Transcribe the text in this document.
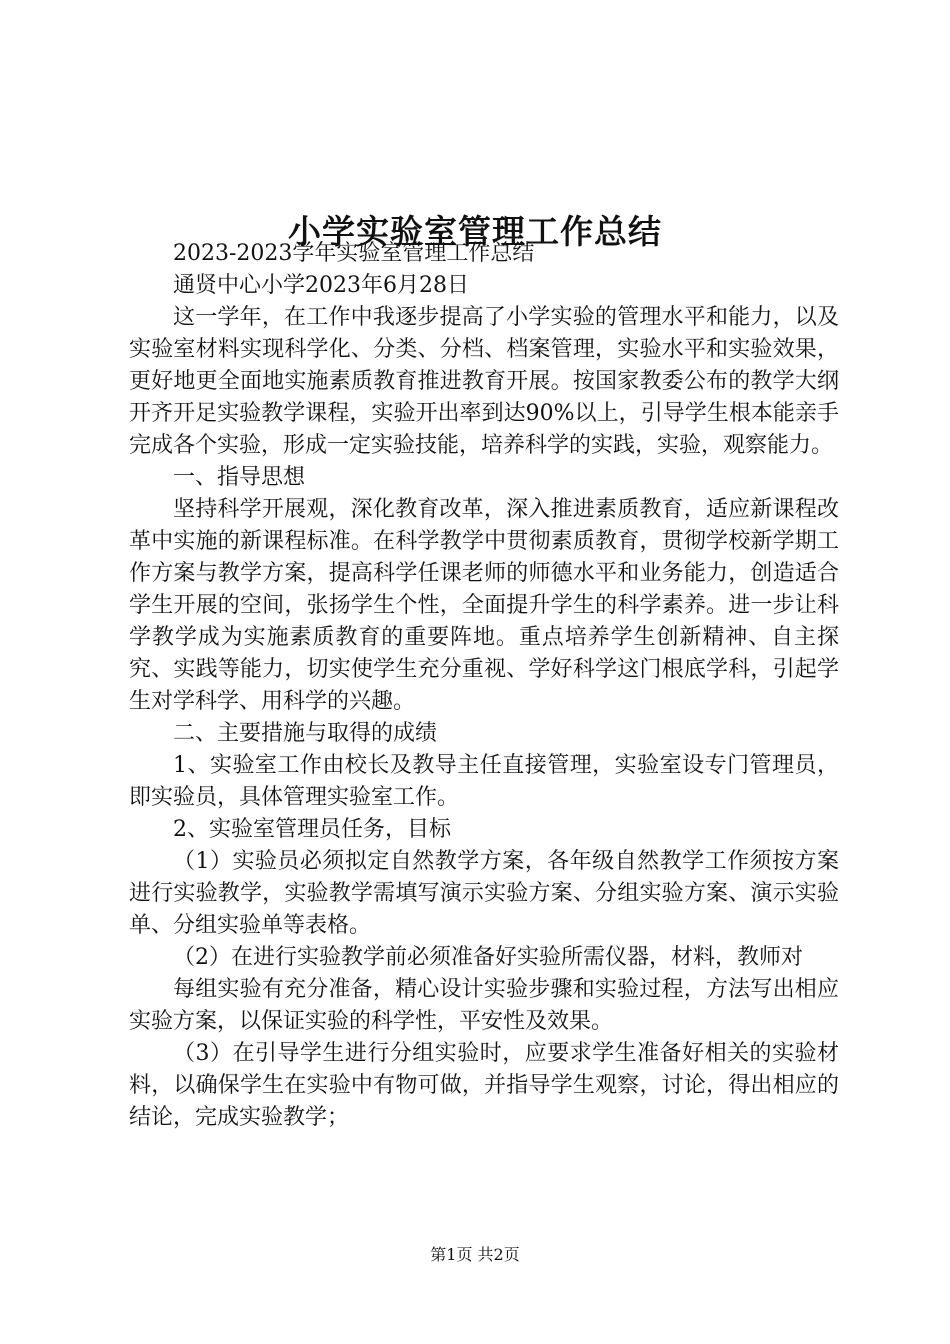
小学实验室管理工作总结

2023-2023学年实验室管理工作总结

通贤中心小学2023年6月28日

这一学年，在工作中我逐步提高了小学实验的管理水平和能力，以及实验室材料实现科学化、分类、分档、档案管理，实验水平和实验效果，更好地更全面地实施素质教育推进教育开展。按国家教委公布的教学大纲开齐开足实验教学课程，实验开出率到达90%以上，引导学生根本能亲手完成各个实验，形成一定实验技能，培养科学的实践，实验，观察能力。

一、指导思想

坚持科学开展观，深化教育改革，深入推进素质教育，适应新课程改革中实施的新课程标准。在科学教学中贯彻素质教育，贯彻学校新学期工作方案与教学方案，提高科学任课老师的师德水平和业务能力，创造适合学生开展的空间，张扬学生个性，全面提升学生的科学素养。进一步让科学教学成为实施素质教育的重要阵地。重点培养学生创新精神、自主探究、实践等能力，切实使学生充分重视、学好科学这门根底学科，引起学生对学科学、用科学的兴趣。

二、主要措施与取得的成绩

1、实验室工作由校长及教导主任直接管理，实验室设专门管理员，即实验员，具体管理实验室工作。

2、实验室管理员任务，目标

（1）实验员必须拟定自然教学方案，各年级自然教学工作须按方案进行实验教学，实验教学需填写演示实验方案、分组实验方案、演示实验单、分组实验单等表格。

（2）在进行实验教学前必须准备好实验所需仪器，材料，教师对

每组实验有充分准备，精心设计实验步骤和实验过程，方法写出相应实验方案，以保证实验的科学性，平安性及效果。

（3）在引导学生进行分组实验时，应要求学生准备好相关的实验材料，以确保学生在实验中有物可做，并指导学生观察，讨论，得出相应的结论，完成实验教学；

第1页 共2页
